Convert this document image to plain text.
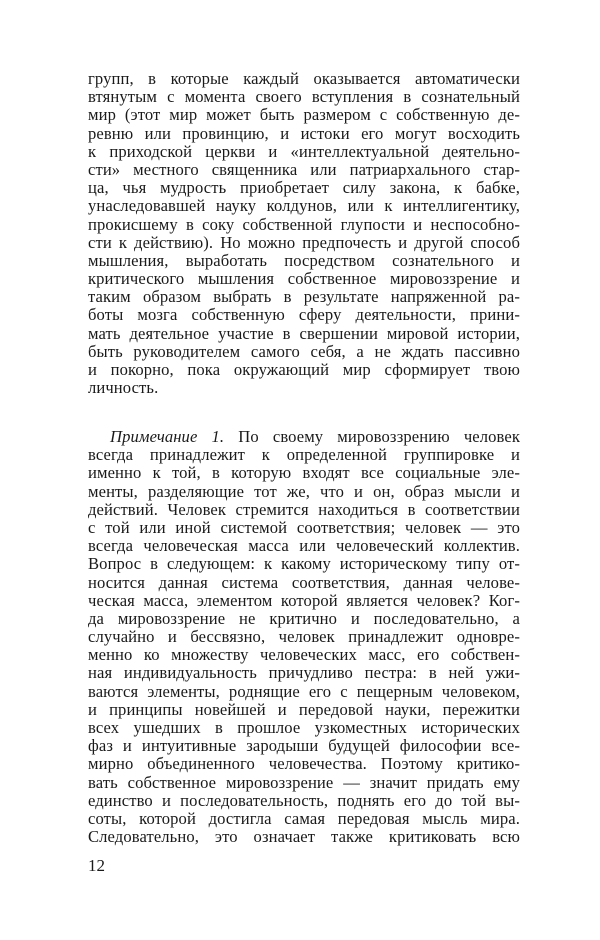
групп, в которые каждый оказывается автоматически
втянутым с момента своего вступления в сознательный
мир (этот мир может быть размером с собственную де-
ревню или провинцию, и истоки его могут восходить
к приходской церкви и «интеллектуальной деятельно-
сти» местного священника или патриархального стар-
ца, чья мудрость приобретает силу закона, к бабке,
унаследовавшей науку колдунов, или к интеллигентику,
прокисшему в соку собственной глупости и неспособно-
сти к действию). Но можно предпочесть и другой способ
мышления, выработать посредством сознательного и
критического мышления собственное мировоззрение и
таким образом выбрать в результате напряженной ра-
боты мозга собственную сферу деятельности, прини-
мать деятельное участие в свершении мировой истории,
быть руководителем самого себя, а не ждать пассивно
и покорно, пока окружающий мир сформирует твою
личность.
Примечание 1. По своему мировоззрению человек
всегда принадлежит к определенной группировке и
именно к той, в которую входят все социальные эле-
менты, разделяющие тот же, что и он, образ мысли и
действий. Человек стремится находиться в соответствии
с той или иной системой соответствия; человек — это
всегда человеческая масса или человеческий коллектив.
Вопрос в следующем: к какому историческому типу от-
носится данная система соответствия, данная челове-
ческая масса, элементом которой является человек? Ког-
да мировоззрение не критично и последовательно, а
случайно и бессвязно, человек принадлежит одновре-
менно ко множеству человеческих масс, его собствен-
ная индивидуальность причудливо пестра: в ней ужи-
ваются элементы, роднящие его с пещерным человеком,
и принципы новейшей и передовой науки, пережитки
всех ушедших в прошлое узкоместных исторических
фаз и интуитивные зародыши будущей философии все-
мирно объединенного человечества. Поэтому критико-
вать собственное мировоззрение — значит придать ему
единство и последовательность, поднять его до той вы-
соты, которой достигла самая передовая мысль мира.
Следовательно, это означает также критиковать всю
12
